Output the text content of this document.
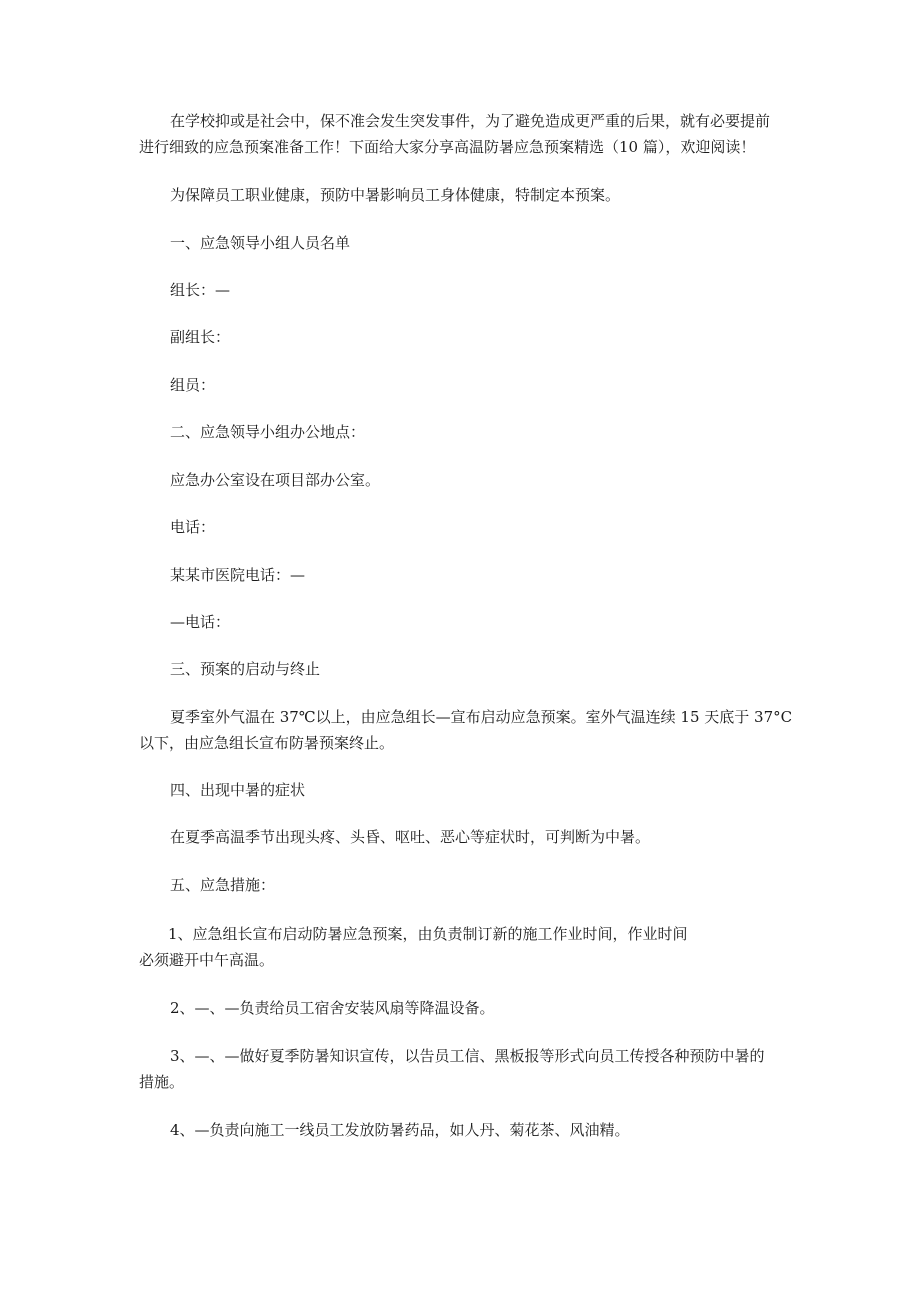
在学校抑或是社会中，保不准会发生突发事件，为了避免造成更严重的后果，就有必要提前
进行细致的应急预案准备工作！下面给大家分享高温防暑应急预案精选（10 篇），欢迎阅读！
为保障员工职业健康，预防中暑影响员工身体健康，特制定本预案。
一、应急领导小组人员名单
组长：—
副组长：
组员：
二、应急领导小组办公地点：
应急办公室设在项目部办公室。
电话：
某某市医院电话：—
—电话：
三、预案的启动与终止
夏季室外气温在 37℃以上，由应急组长—宣布启动应急预案。室外气温连续 15 天底于 37°C
以下，由应急组长宣布防暑预案终止。
四、出现中暑的症状
在夏季高温季节出现头疼、头昏、呕吐、恶心等症状时，可判断为中暑。
五、应急措施：
1、应急组长宣布启动防暑应急预案，由负责制订新的施工作业时间，作业时间
必须避开中午高温。
2、—、—负责给员工宿舍安装风扇等降温设备。
3、—、—做好夏季防暑知识宣传，以告员工信、黑板报等形式向员工传授各种预防中暑的
措施。
4、—负责向施工一线员工发放防暑药品，如人丹、菊花茶、风油精。
